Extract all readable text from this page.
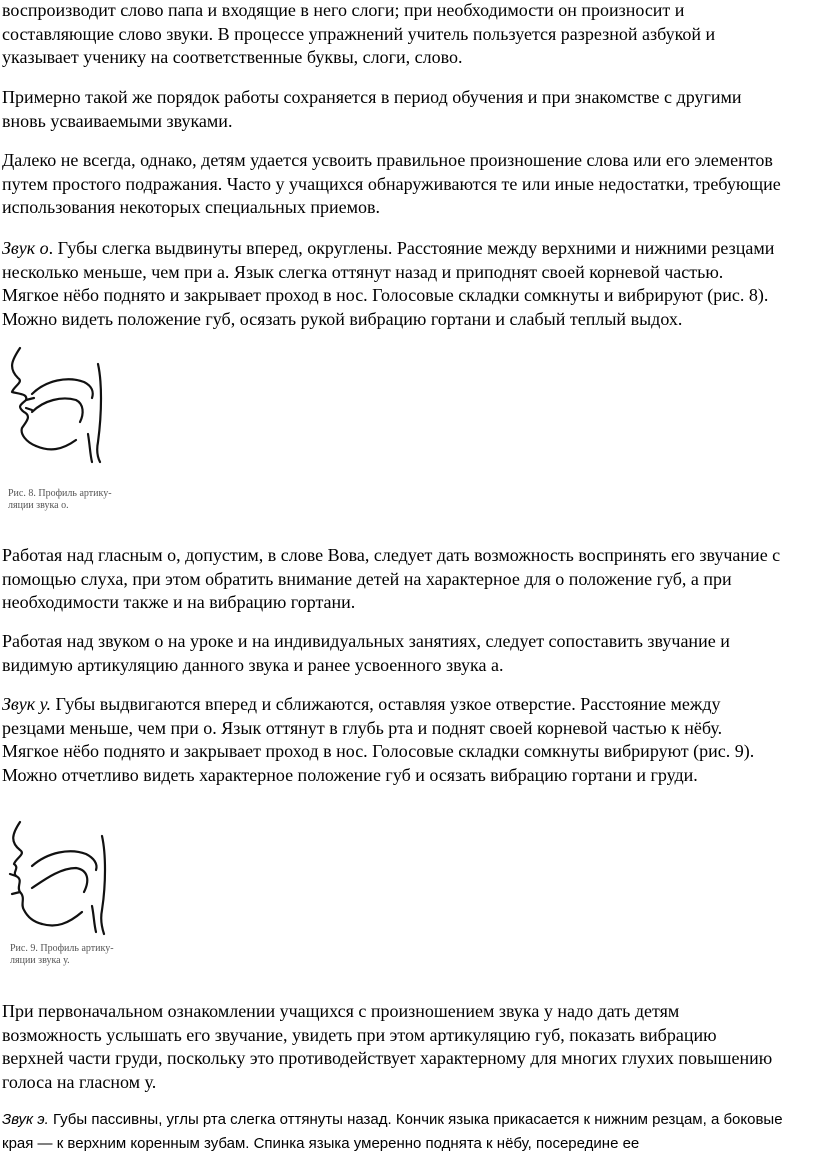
воспроизводит слово папа и входящие в него слоги; при необходимости он произносит и
составляющие слово звуки. В процессе упражнений учитель пользуется разрезной азбукой и
указывает ученику на соответственные буквы, слоги, слово.

Примерно такой же порядок работы сохраняется в период обучения и при знакомстве с другими
вновь усваиваемыми звуками.

Далеко не всегда, однако, детям удается усвоить правильное произношение слова или его элементов
путем простого подражания. Часто у учащихся обнаруживаются те или иные недостатки, требующие
использования некоторых специальных приемов.

Звук о. Губы слегка выдвинуты вперед, округлены. Расстояние между верхними и нижними резцами
несколько меньше, чем при а. Язык слегка оттянут назад и приподнят своей корневой частью.
Мягкое нёбо поднято и закрывает проход в нос. Голосовые складки сомкнуты и вибрируют (рис. 8).
Можно видеть положение губ, осязать рукой вибрацию гортани и слабый теплый выдох.

Рис. 8. Профиль артику-
ляции звука о.

Работая над гласным о, допустим, в слове Вова, следует дать возможность воспринять его звучание с
помощью слуха, при этом обратить внимание детей на характерное для о положение губ, а при
необходимости также и на вибрацию гортани.

Работая над звуком о на уроке и на индивидуальных занятиях, следует сопоставить звучание и
видимую артикуляцию данного звука и ранее усвоенного звука а.

Звук у. Губы выдвигаются вперед и сближаются, оставляя узкое отверстие. Расстояние между
резцами меньше, чем при о. Язык оттянут в глубь рта и поднят своей корневой частью к нёбу.
Мягкое нёбо поднято и закрывает проход в нос. Голосовые складки сомкнуты вибрируют (рис. 9).
Можно отчетливо видеть характерное положение губ и осязать вибрацию гортани и груди.

Рис. 9. Профиль артику-
ляции звука у.

При первоначальном ознакомлении учащихся с произношением звука у надо дать детям
возможность услышать его звучание, увидеть при этом артикуляцию губ, показать вибрацию
верхней части груди, поскольку это противодействует характерному для многих глухих повышению
голоса на гласном у.

Звук э. Губы пассивны, углы рта слегка оттянуты назад. Кончик языка прикасается к нижним резцам, а боковые
края — к верхним коренным зубам. Спинка языка умеренно поднята к нёбу, посередине ее
